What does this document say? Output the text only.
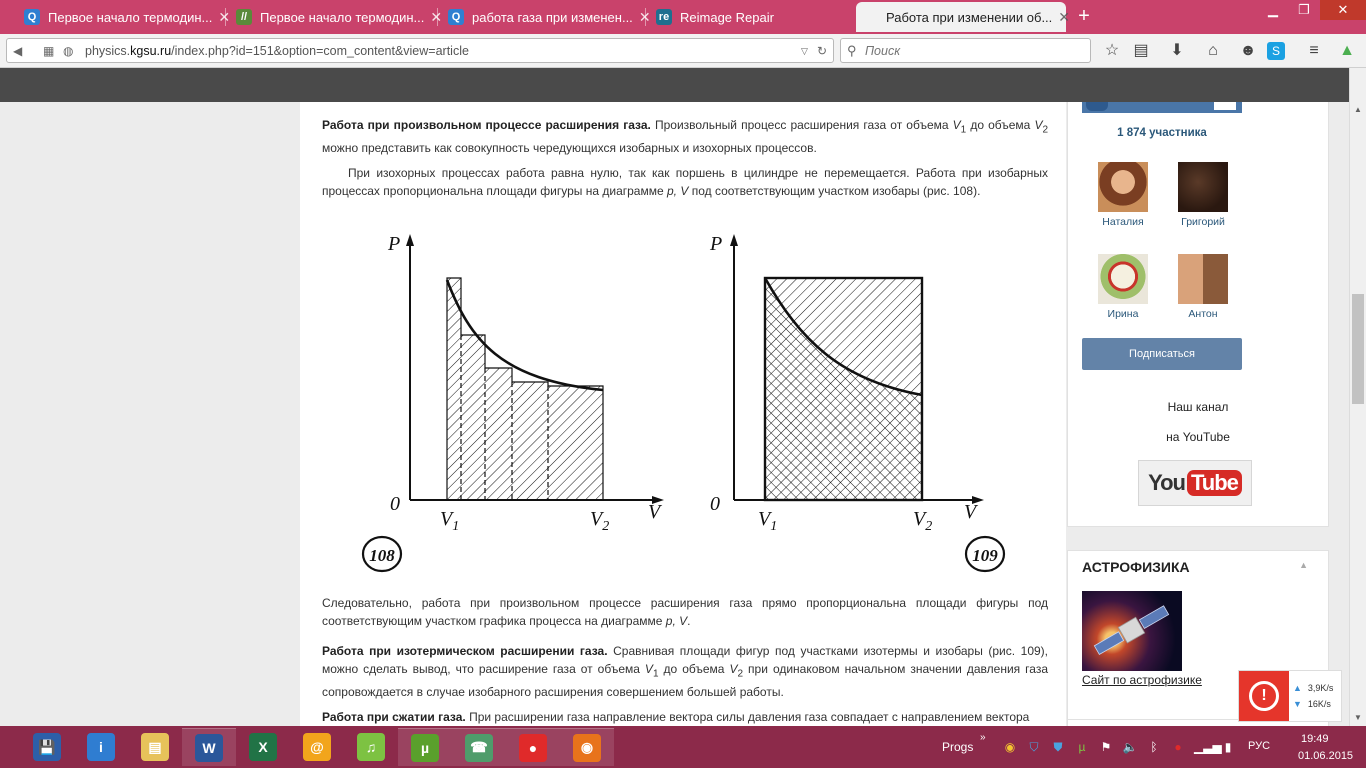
Q Первое начало термодин... ✕ // Первое начало термодин... ✕ Q работа газа при изменен... ✕ re Reimage Repair	Работа при изменении об... ✕ +	▁	❐	✕
◀ ▦ ◍ physics.kgsu.ru/index.php?id=151&option=com_content&view=article	▽ ↻ ⚲
Поиск	☆ ▤ ⬇	⌂	☻	S	≡	▲

Работа при произвольном процессе расширения газа. Произвольный процесс расширения газа от объема $V_1$ до объема $V_2$ можно представить как совокупность чередующихся изобарных и изохорных процессов.

При изохорных процессах работа равна нулю, так как поршень в цилиндре не перемещается. Работа при изобарных процессах пропорциональна площади фигуры на диаграмме p, V под соответствующим участком изобары (рис. 108).

P
0
$V_1$	$V_2$
V
108
P
0
$V_1$	$V_2$
V
109

Следовательно, работа при произвольном процессе расширения газа прямо пропорциональна площади фигуры под соответствующим участком графика процесса на диаграмме p, V.

Работа при изотермическом расширении газа. Сравнивая площади фигур под участками изотермы и изобары (рис. 109), можно сделать вывод, что расширение газа от объема $V_1$ до объема $V_2$ при одинаковом начальном значении давления газа сопровождается в случае изобарного расширения совершением большей работы.

Работа при сжатии газа. При расширении газа направление вектора силы давления газа совпадает с направлением вектора

1 874 участника
Наталия	Григорий
Ирина	Антон
Подписаться
Наш канал
на YouTube
You Tube
АСТРОФИЗИКА	▲
Сайт по астрофизике
▲
▼
!	▲ 3,9K/s
▼ 16K/s
💾	i	▤	W	X	@	♫	µ	☎	●	◉	Progs
»
◉ ⛉ ⛊	µ	⚑ 🔈	ᛒ	●	▁▃▅ ▮	РУС
19:49
01.06.2015
